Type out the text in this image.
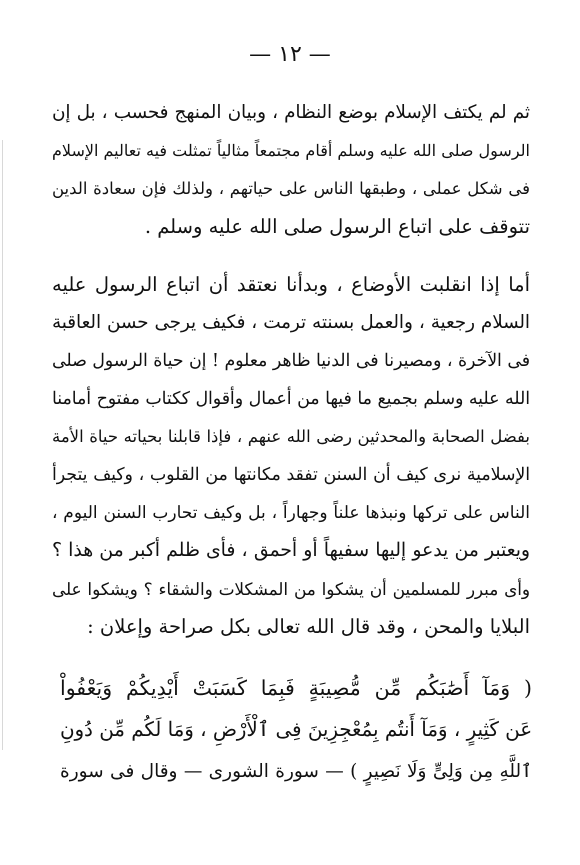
— ١٢ —
ثم لم يكتف الإسلام بوضع النظام ، وبيان المنهج فحسب ، بل إن
الرسول صلى الله عليه وسلم أقام مجتمعاً مثالياً تمثلت فيه تعاليم الإسلام
فى شكل عملى ، وطبقها الناس على حياتهم ، ولذلك فإن سعادة الدين
تتوقف على اتباع الرسول صلى الله عليه وسلم .
أما إذا انقلبت الأوضاع ، وبدأنا نعتقد أن اتباع الرسول عليه
السلام رجعية ، والعمل بسنته ترمت ، فكيف يرجى حسن العاقبة
فى الآخرة ، ومصيرنا فى الدنيا ظاهر معلوم ! إن حياة الرسول صلى
الله عليه وسلم بجميع ما فيها من أعمال وأقوال ككتاب مفتوح أمامنا
بفضل الصحابة والمحدثين رضى الله عنهم ، فإذا قابلنا بحياته حياة الأمة
الإسلامية نرى كيف أن السنن تفقد مكانتها من القلوب ، وكيف يتجرأ
الناس على تركها ونبذها علناً وجهاراً ، بل وكيف تحارب السنن اليوم ،
ويعتبر من يدعو إليها سفيهاً أو أحمق ، فأى ظلم أكبر من هذا ؟
وأى مبرر للمسلمين أن يشكوا من المشكلات والشقاء ؟ ويشكوا على
البلايا والمحن ، وقد قال الله تعالى بكل صراحة وإعلان :
( وَمَآ أَصَٰبَكُم مِّن مُّصِيبَةٍ فَبِمَا كَسَبَتْ أَيْدِيكُمْ وَيَعْفُواْ
عَن كَثِيرٍ ، وَمَآ أَنتُم بِمُعْجِزِينَ فِى ٱلْأَرْضِ ، وَمَا لَكُم مِّن دُونِ
ٱللَّهِ مِن وَلِىٍّ وَلَا نَصِيرٍ ) — سورة الشورى — وقال فى سورة
